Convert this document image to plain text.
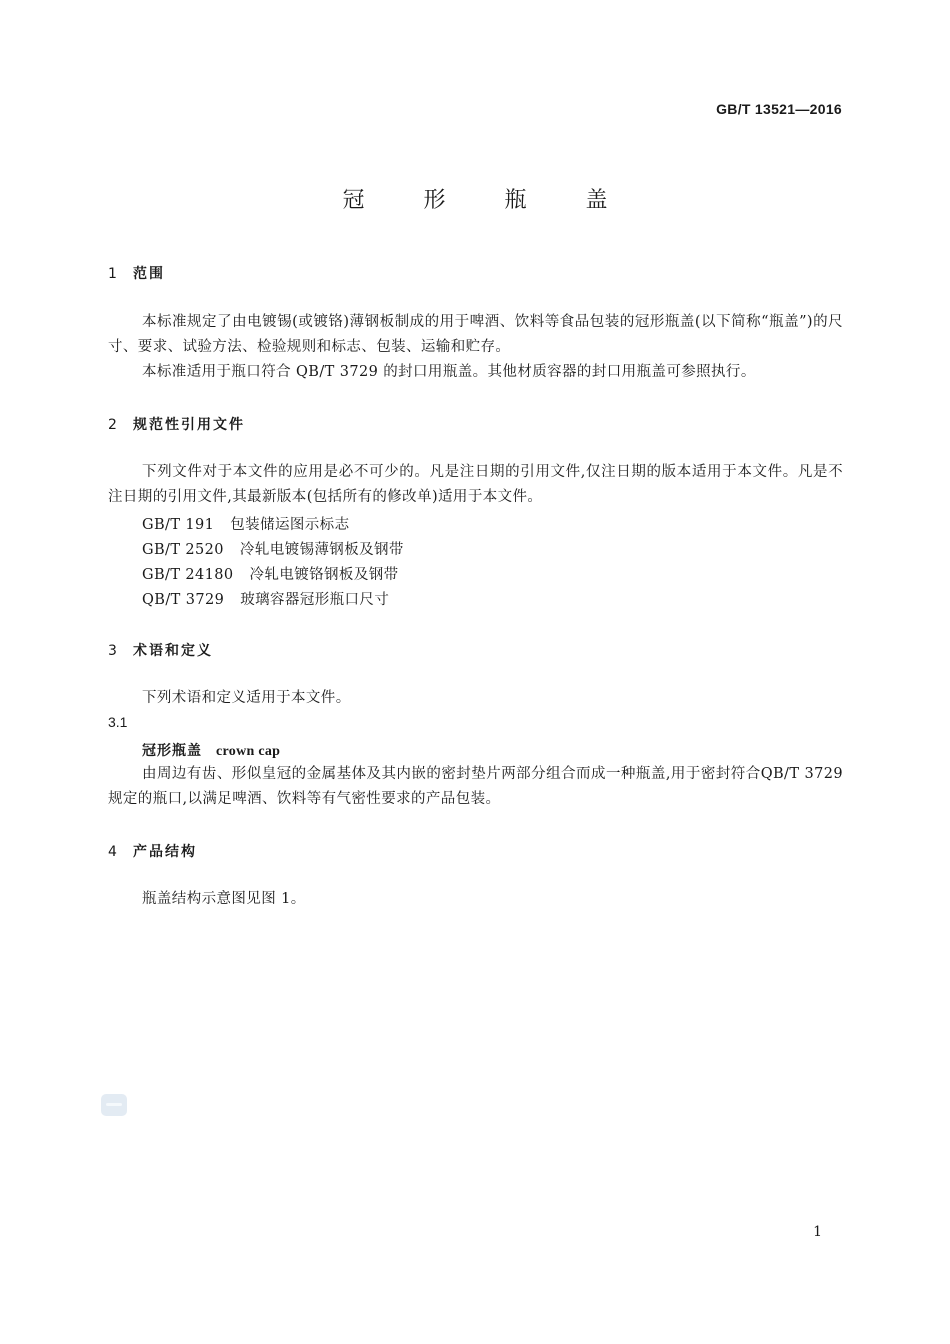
GB/T 13521—2016
冠 形 瓶 盖
1 范围
本标准规定了由电镀锡(或镀铬)薄钢板制成的用于啤酒、饮料等食品包装的冠形瓶盖(以下简称“瓶盖”)的尺寸、要求、试验方法、检验规则和标志、包装、运输和贮存。
本标准适用于瓶口符合 QB/T 3729 的封口用瓶盖。其他材质容器的封口用瓶盖可参照执行。
2 规范性引用文件
下列文件对于本文件的应用是必不可少的。凡是注日期的引用文件,仅注日期的版本适用于本文件。凡是不注日期的引用文件,其最新版本(包括所有的修改单)适用于本文件。
GB/T 191 包装储运图示标志
GB/T 2520 冷轧电镀锡薄钢板及钢带
GB/T 24180 冷轧电镀铬钢板及钢带
QB/T 3729 玻璃容器冠形瓶口尺寸
3 术语和定义
下列术语和定义适用于本文件。
3.1
冠形瓶盖 crown cap
由周边有齿、形似皇冠的金属基体及其内嵌的密封垫片两部分组合而成一种瓶盖,用于密封符合QB/T 3729 规定的瓶口,以满足啤酒、饮料等有气密性要求的产品包装。
4 产品结构
瓶盖结构示意图见图 1。
1
